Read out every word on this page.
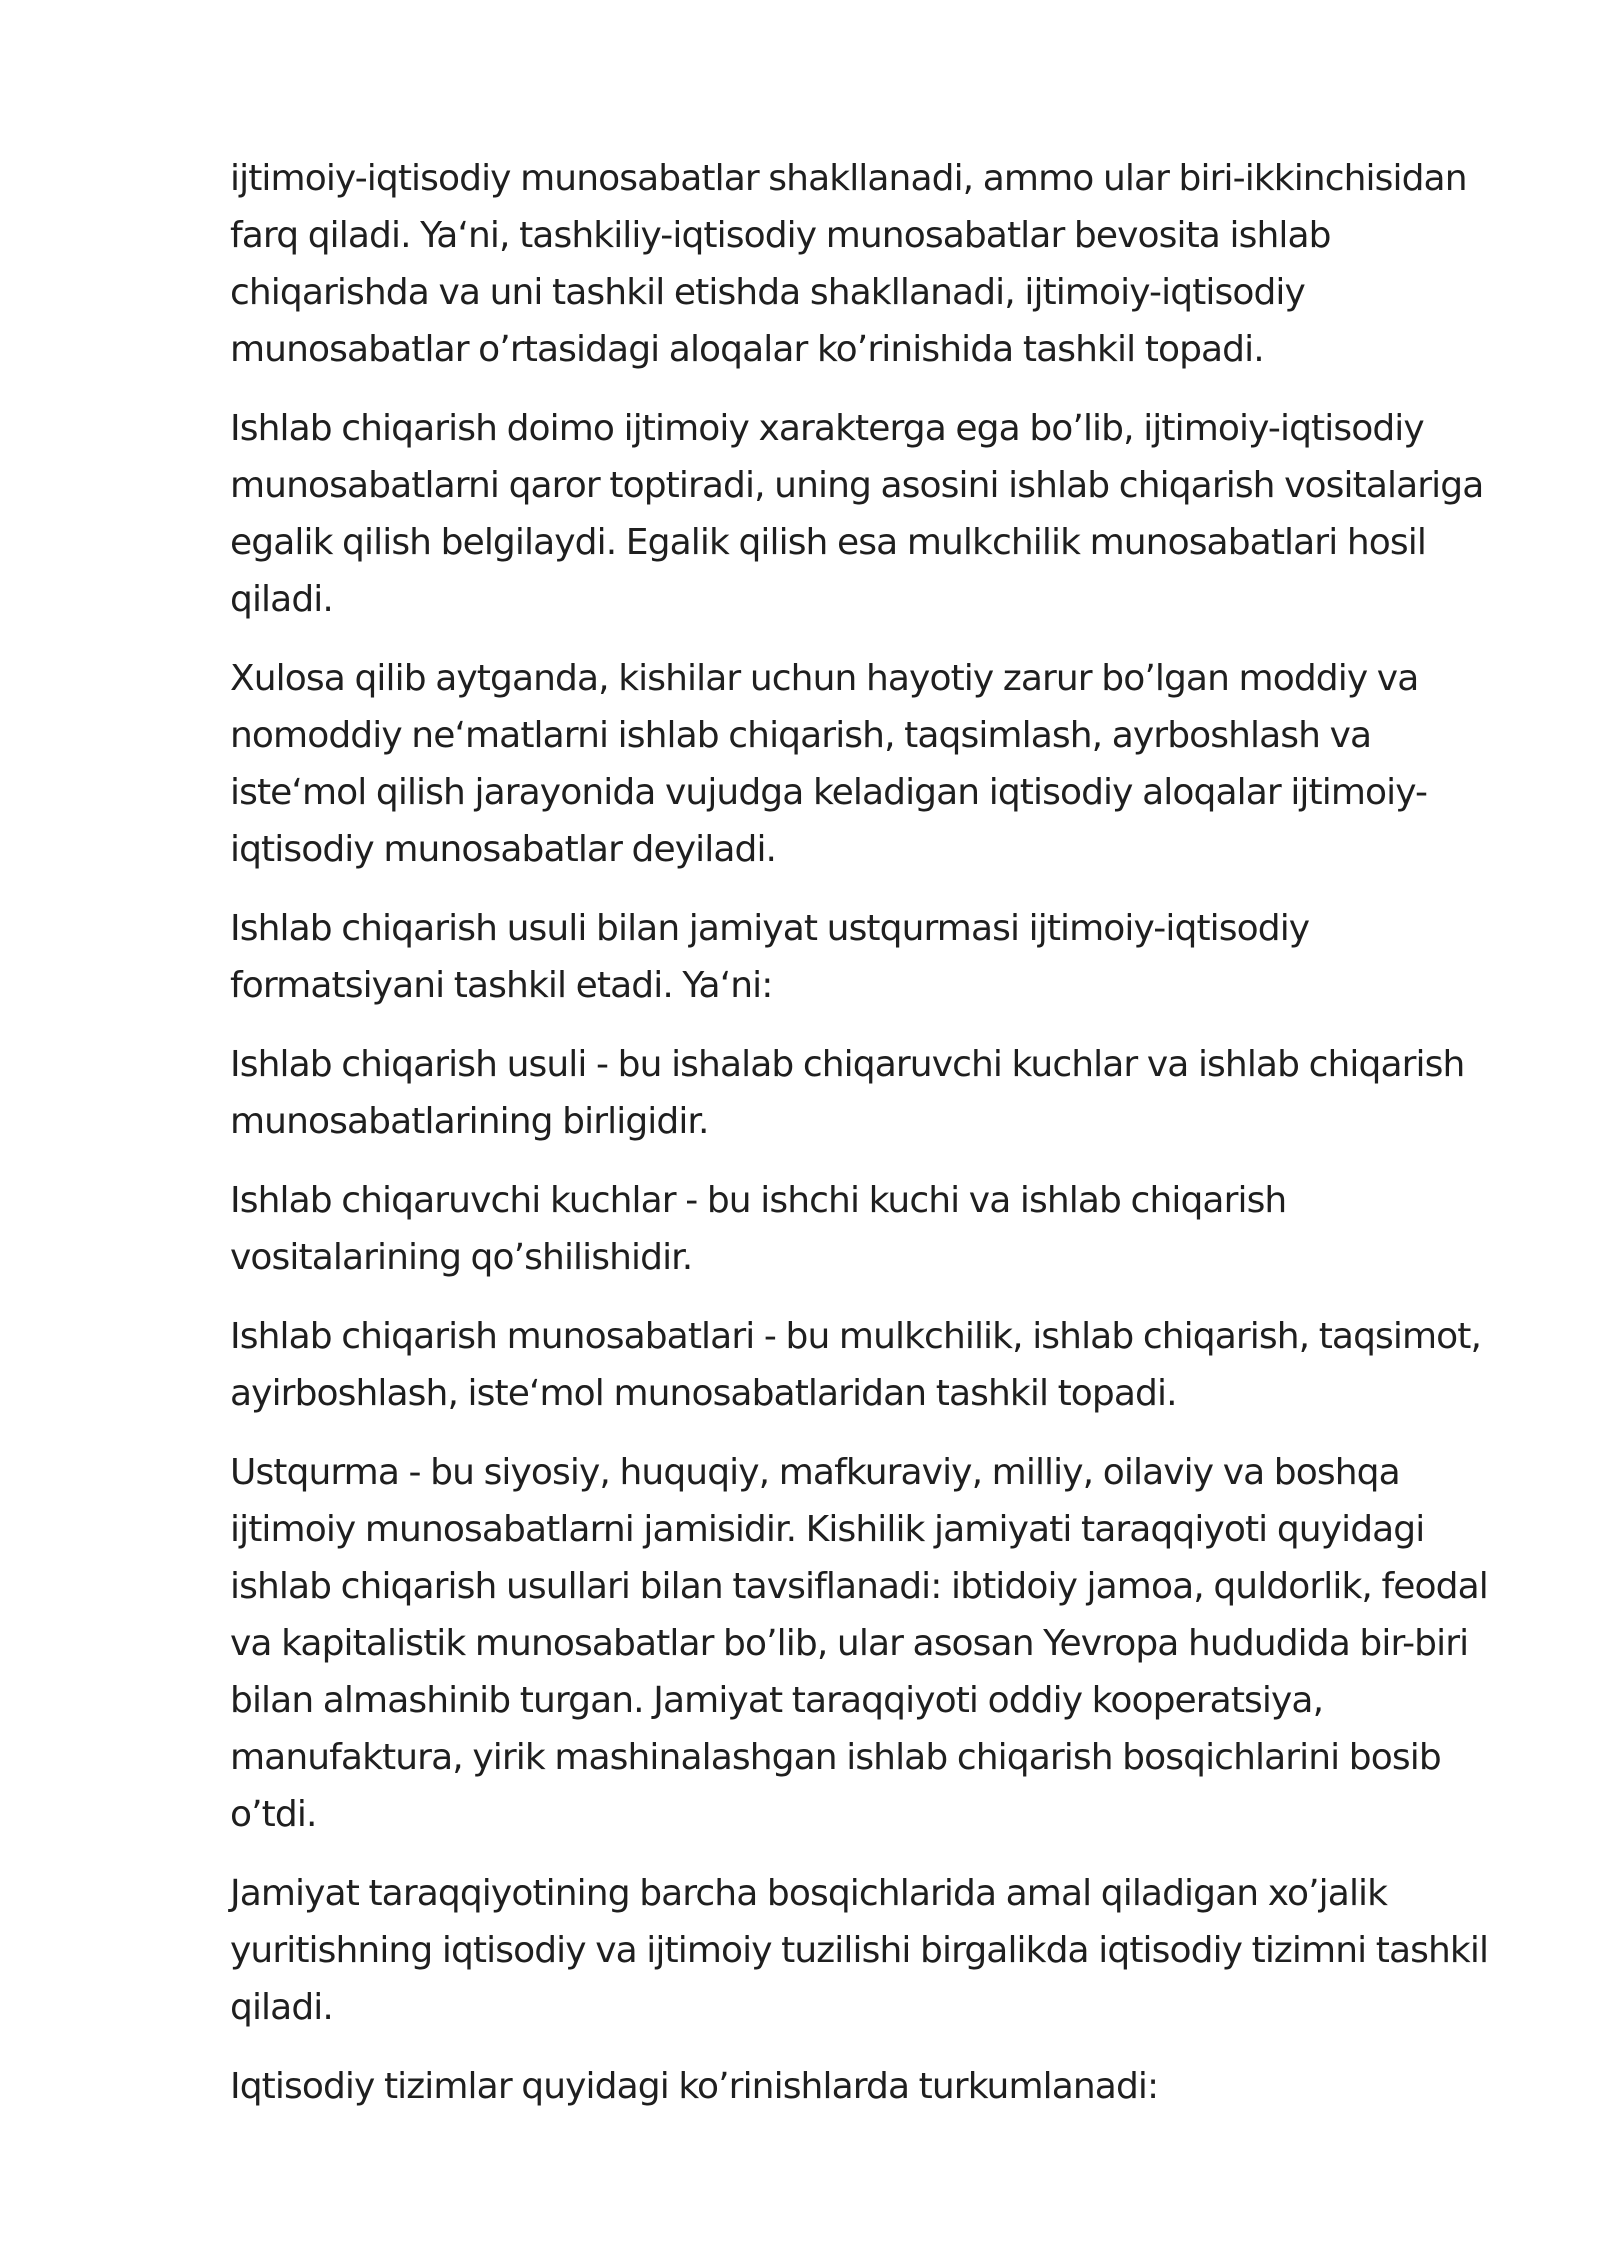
ijtimoiy-iqtisodiy munosabatlar shakllanadi, ammo ular biri-ikkinchisidan farq qiladi. Ya‘ni, tashkiliy-iqtisodiy munosabatlar bevosita ishlab chiqarishda va uni tashkil etishda shakllanadi, ijtimoiy-iqtisodiy munosabatlar o’rtasidagi aloqalar ko’rinishida tashkil topadi.

Ishlab chiqarish doimo ijtimoiy xarakterga ega bo’lib, ijtimoiy-iqtisodiy munosabatlarni qaror toptiradi, uning asosini ishlab chiqarish vositalariga egalik qilish belgilaydi. Egalik qilish esa mulkchilik munosabatlari hosil qiladi.

Xulosa qilib aytganda, kishilar uchun hayotiy zarur bo’lgan moddiy va nomoddiy ne‘matlarni ishlab chiqarish, taqsimlash, ayrboshlash va iste‘mol qilish jarayonida vujudga keladigan iqtisodiy aloqalar ijtimoiy-iqtisodiy munosabatlar deyiladi.

Ishlab chiqarish usuli bilan jamiyat ustqurmasi ijtimoiy-iqtisodiy formatsiyani tashkil etadi. Ya‘ni:

Ishlab chiqarish usuli - bu ishalab chiqaruvchi kuchlar va ishlab chiqarish munosabatlarining birligidir.

Ishlab chiqaruvchi kuchlar - bu ishchi kuchi va ishlab chiqarish vositalarining qo’shilishidir.

Ishlab chiqarish munosabatlari - bu mulkchilik, ishlab chiqarish, taqsimot, ayirboshlash, iste‘mol munosabatlaridan tashkil topadi.

Ustqurma - bu siyosiy, huquqiy, mafkuraviy, milliy, oilaviy va boshqa ijtimoiy munosabatlarni jamisidir. Kishilik jamiyati taraqqiyoti quyidagi ishlab chiqarish usullari bilan tavsiflanadi: ibtidoiy jamoa, quldorlik, feodal va kapitalistik munosabatlar bo’lib, ular asosan Yevropa hududida bir-biri bilan almashinib turgan. Jamiyat taraqqiyoti oddiy kooperatsiya, manufaktura, yirik mashinalashgan ishlab chiqarish bosqichlarini bosib o’tdi.

Jamiyat taraqqiyotining barcha bosqichlarida amal qiladigan xo’jalik yuritishning iqtisodiy va ijtimoiy tuzilishi birgalikda iqtisodiy tizimni tashkil qiladi.

Iqtisodiy tizimlar quyidagi ko’rinishlarda turkumlanadi:
